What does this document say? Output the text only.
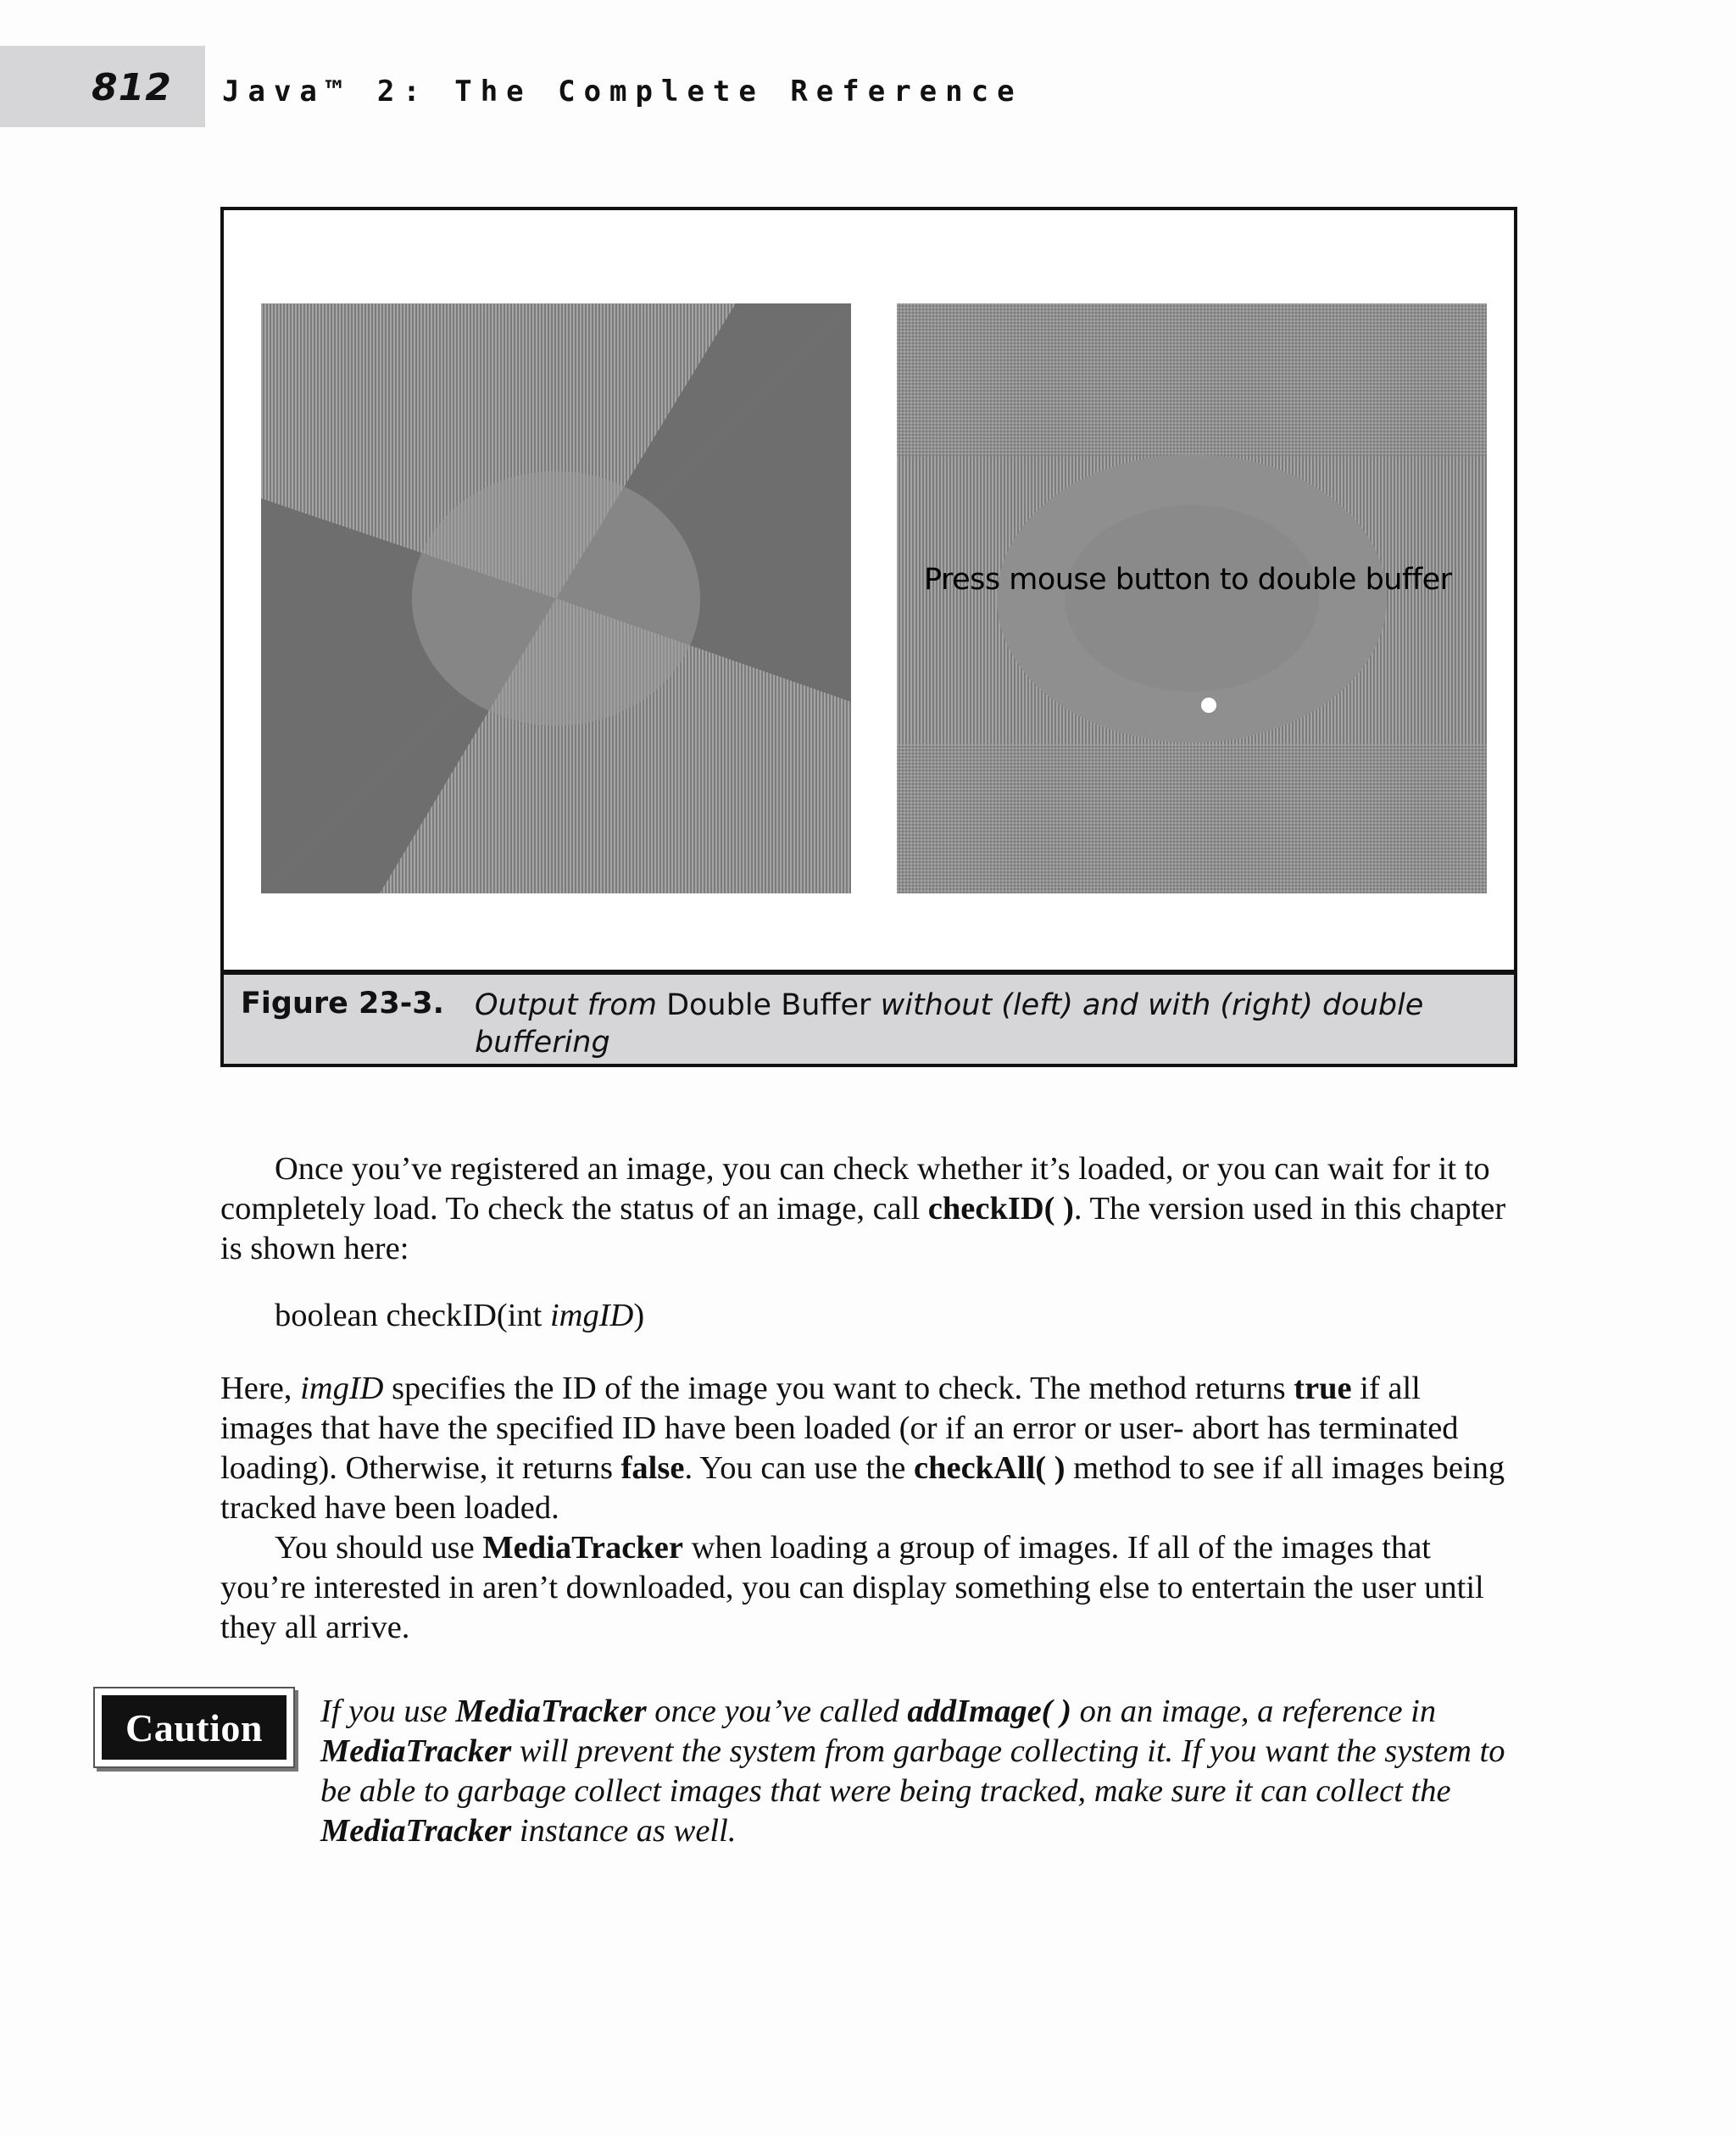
812 Java™ 2: The Complete Reference
Press mouse button to double buffer
Figure 23-3. Output from Double Buffer without (left) and with (right) double buffering

Once you’ve registered an image, you can check whether it’s loaded, or you can wait for it to completely load. To check the status of an image, call checkID( ). The version used in this chapter is shown here:

boolean checkID(int imgID)

Here, imgID specifies the ID of the image you want to check. The method returns true if all images that have the specified ID have been loaded (or if an error or user- abort has terminated loading). Otherwise, it returns false. You can use the checkAll( ) method to see if all images being tracked have been loaded.

You should use MediaTracker when loading a group of images. If all of the images that you’re interested in aren’t downloaded, you can display something else to entertain the user until they all arrive.

Caution If you use MediaTracker once you’ve called addImage( ) on an image, a reference in MediaTracker will prevent the system from garbage collecting it. If you want the system to be able to garbage collect images that were being tracked, make sure it can collect the MediaTracker instance as well.
